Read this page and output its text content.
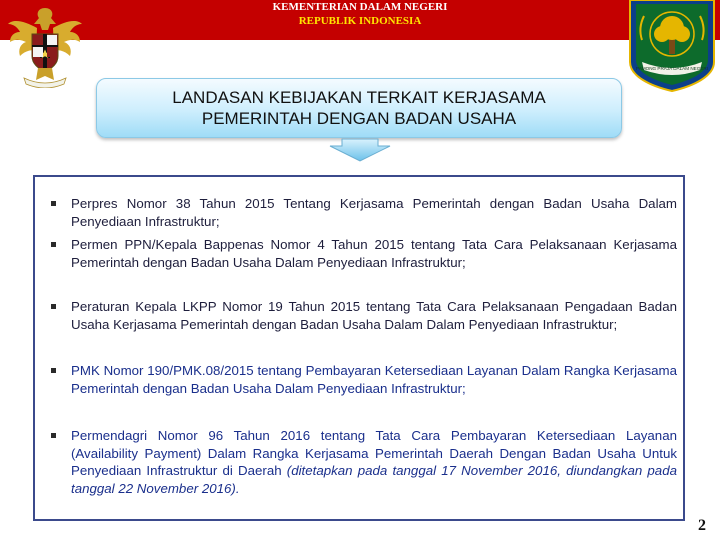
KEMENTERIAN DALAM NEGERI
REPUBLIK INDONESIA
PAMONG PRAJA DALAM NEGERI
LANDASAN KEBIJAKAN TERKAIT KERJASAMA
PEMERINTAH DENGAN BADAN USAHA
Perpres Nomor 38 Tahun 2015 Tentang Kerjasama Pemerintah dengan Badan Usaha Dalam Penyediaan Infrastruktur;
Permen PPN/Kepala Bappenas Nomor 4 Tahun 2015 tentang Tata Cara Pelaksanaan Kerjasama Pemerintah dengan Badan Usaha Dalam Penyediaan Infrastruktur;
Peraturan Kepala LKPP Nomor 19 Tahun 2015 tentang Tata Cara Pelaksanaan Pengadaan Badan Usaha Kerjasama Pemerintah dengan Badan Usaha Dalam Dalam Penyediaan Infrastruktur;
PMK Nomor 190/PMK.08/2015 tentang Pembayaran Ketersediaan Layanan Dalam Rangka Kerjasama Pemerintah dengan Badan Usaha Dalam Penyediaan Infrastruktur;
Permendagri Nomor 96 Tahun 2016 tentang Tata Cara Pembayaran Ketersediaan Layanan (Availability Payment) Dalam Rangka Kerjasama Pemerintah Daerah Dengan Badan Usaha Untuk Penyediaan Infrastruktur di Daerah (ditetapkan pada tanggal 17 November 2016, diundangkan pada tanggal 22 November 2016).
2
